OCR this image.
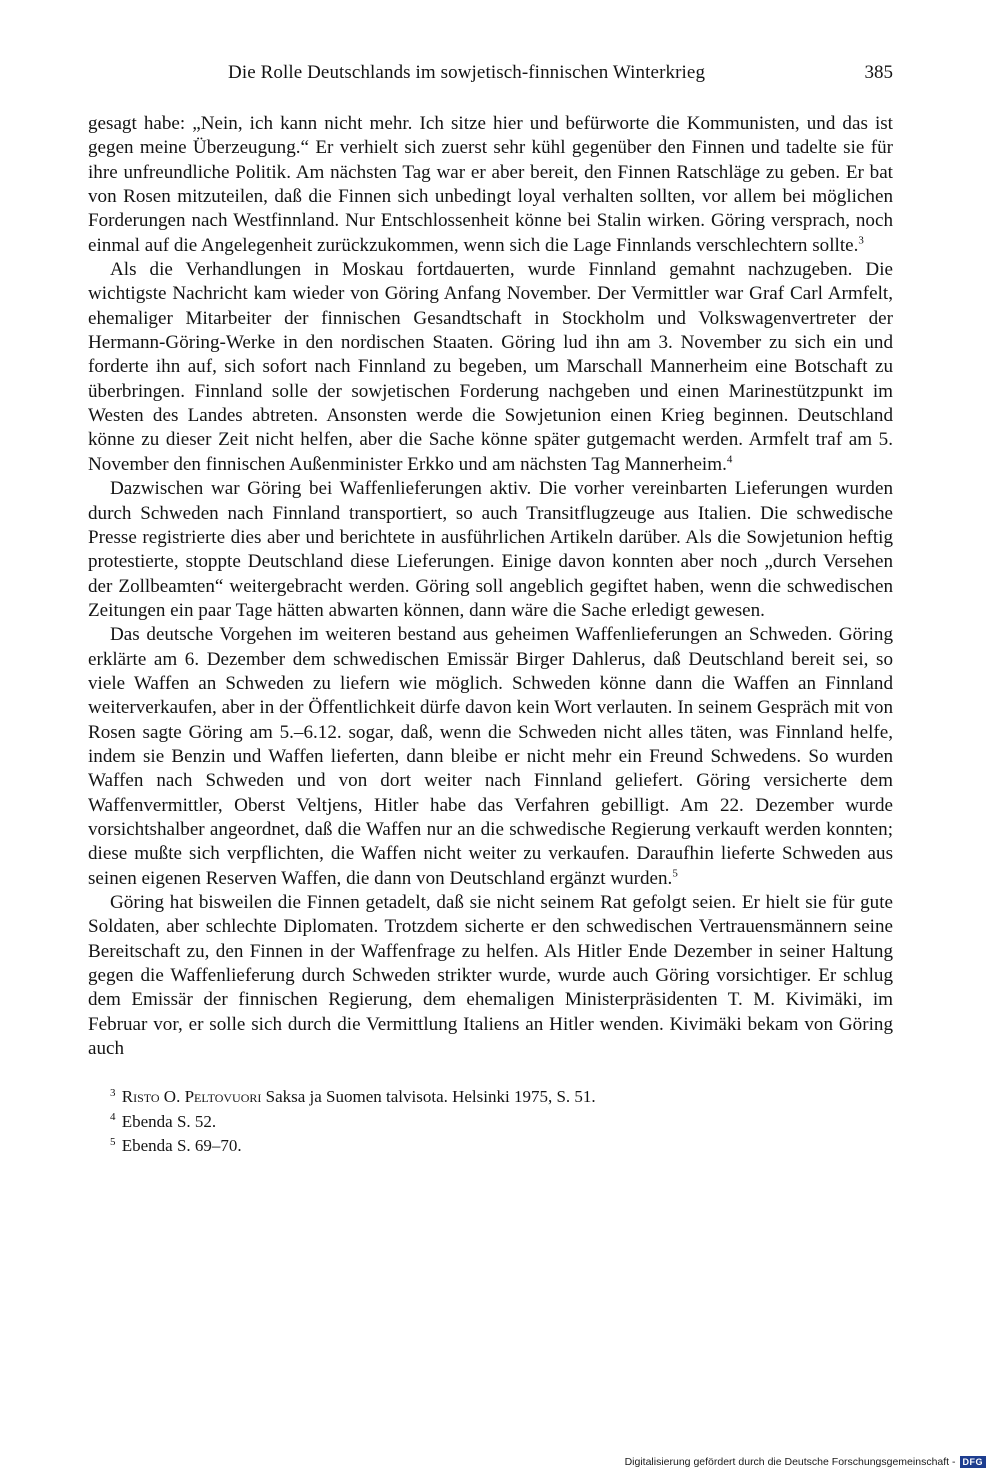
Die Rolle Deutschlands im sowjetisch-finnischen Winterkrieg	385

gesagt habe: „Nein, ich kann nicht mehr. Ich sitze hier und befürworte die Kommunisten, und das ist gegen meine Überzeugung.“ Er verhielt sich zuerst sehr kühl gegenüber den Finnen und tadelte sie für ihre unfreundliche Politik. Am nächsten Tag war er aber bereit, den Finnen Ratschläge zu geben. Er bat von Rosen mitzuteilen, daß die Finnen sich unbedingt loyal verhalten sollten, vor allem bei möglichen Forderungen nach Westfinnland. Nur Entschlossenheit könne bei Stalin wirken. Göring versprach, noch einmal auf die Angelegenheit zurückzukommen, wenn sich die Lage Finnlands verschlechtern sollte.$^3$

Als die Verhandlungen in Moskau fortdauerten, wurde Finnland gemahnt nachzugeben. Die wichtigste Nachricht kam wieder von Göring Anfang November. Der Vermittler war Graf Carl Armfelt, ehemaliger Mitarbeiter der finnischen Gesandtschaft in Stockholm und Volkswagenvertreter der Hermann-Göring-Werke in den nordischen Staaten. Göring lud ihn am 3. November zu sich ein und forderte ihn auf, sich sofort nach Finnland zu begeben, um Marschall Mannerheim eine Botschaft zu überbringen. Finnland solle der sowjetischen Forderung nachgeben und einen Marinestützpunkt im Westen des Landes abtreten. Ansonsten werde die Sowjetunion einen Krieg beginnen. Deutschland könne zu dieser Zeit nicht helfen, aber die Sache könne später gutgemacht werden. Armfelt traf am 5. November den finnischen Außenminister Erkko und am nächsten Tag Mannerheim.$^4$

Dazwischen war Göring bei Waffenlieferungen aktiv. Die vorher vereinbarten Lieferungen wurden durch Schweden nach Finnland transportiert, so auch Transitflugzeuge aus Italien. Die schwedische Presse registrierte dies aber und berichtete in ausführlichen Artikeln darüber. Als die Sowjetunion heftig protestierte, stoppte Deutschland diese Lieferungen. Einige davon konnten aber noch „durch Versehen der Zollbeamten“ weitergebracht werden. Göring soll angeblich gegiftet haben, wenn die schwedischen Zeitungen ein paar Tage hätten abwarten können, dann wäre die Sache erledigt gewesen.

Das deutsche Vorgehen im weiteren bestand aus geheimen Waffenlieferungen an Schweden. Göring erklärte am 6. Dezember dem schwedischen Emissär Birger Dahlerus, daß Deutschland bereit sei, so viele Waffen an Schweden zu liefern wie möglich. Schweden könne dann die Waffen an Finnland weiterverkaufen, aber in der Öffentlichkeit dürfe davon kein Wort verlauten. In seinem Gespräch mit von Rosen sagte Göring am 5.–6.12. sogar, daß, wenn die Schweden nicht alles täten, was Finnland helfe, indem sie Benzin und Waffen lieferten, dann bleibe er nicht mehr ein Freund Schwedens. So wurden Waffen nach Schweden und von dort weiter nach Finnland geliefert. Göring versicherte dem Waffenvermittler, Oberst Veltjens, Hitler habe das Verfahren gebilligt. Am 22. Dezember wurde vorsichtshalber angeordnet, daß die Waffen nur an die schwedische Regierung verkauft werden konnten; diese mußte sich verpflichten, die Waffen nicht weiter zu verkaufen. Daraufhin lieferte Schweden aus seinen eigenen Reserven Waffen, die dann von Deutschland ergänzt wurden.$^5$

Göring hat bisweilen die Finnen getadelt, daß sie nicht seinem Rat gefolgt seien. Er hielt sie für gute Soldaten, aber schlechte Diplomaten. Trotzdem sicherte er den schwedischen Vertrauensmännern seine Bereitschaft zu, den Finnen in der Waffenfrage zu helfen. Als Hitler Ende Dezember in seiner Haltung gegen die Waffenlieferung durch Schweden strikter wurde, wurde auch Göring vorsichtiger. Er schlug dem Emissär der finnischen Regierung, dem ehemaligen Ministerpräsidenten T. M. Kivimäki, im Februar vor, er solle sich durch die Vermittlung Italiens an Hitler wenden. Kivimäki bekam von Göring auch

$^3$ Risto O. Peltovuori Saksa ja Suomen talvisota. Helsinki 1975, S. 51.
$^4$ Ebenda S. 52.
$^5$ Ebenda S. 69–70.
Digitalisierung gefördert durch die Deutsche Forschungsgemeinschaft - DFG
